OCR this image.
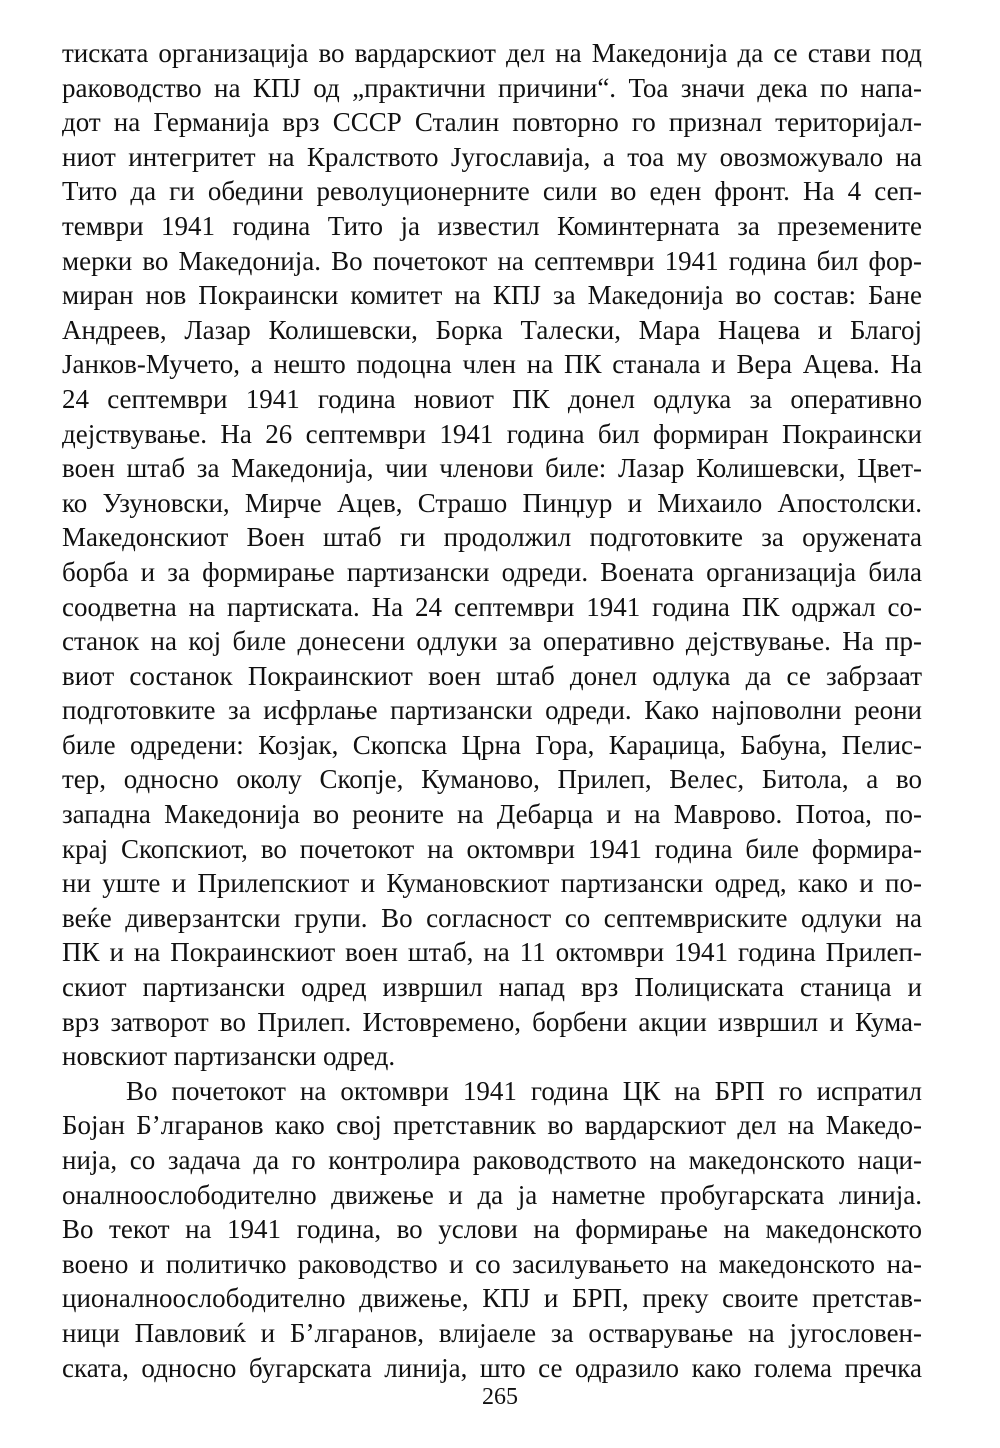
тиската организација во вардарскиот дел на Македонија да се стави под
раководство на КПЈ од „практични причини“. Тоа значи дека по напа-
дот на Германија врз СССР Сталин повторно го признал територијал-
ниот интегритет на Кралството Југославија, а тоа му овозможувало на
Тито да ги обедини револуционерните сили во еден фронт. На 4 сеп-
тември 1941 година Тито ја известил Коминтерната за преземените
мерки во Македонија. Во почетокот на септември 1941 година бил фор-
миран нов Покраински комитет на КПЈ за Македонија во состав: Бане
Андреев, Лазар Колишевски, Борка Талески, Мара Нацева и Благој
Јанков-Мучето, а нешто подоцна член на ПК станала и Вера Ацева. На
24 септември 1941 година новиот ПК донел одлука за оперативно
дејствување. На 26 септември 1941 година бил формиран Покраински
воен штаб за Македонија, чии членови биле: Лазар Колишевски, Цвет-
ко Узуновски, Мирче Ацев, Страшо Пинџур и Михаило Апостолски.
Македонскиот Воен штаб ги продолжил подготовките за оружената
борба и за формирање партизански одреди. Воената организација била
соодветна на партиската. На 24 септември 1941 година ПК одржал со-
станок на кој биле донесени одлуки за оперативно дејствување. На пр-
виот состанок Покраинскиот воен штаб донел одлука да се забрзаат
подготовките за исфрлање партизански одреди. Како најповолни реони
биле одредени: Козјак, Скопска Црна Гора, Караџица, Бабуна, Пелис-
тер, односно околу Скопје, Куманово, Прилеп, Велес, Битола, а во
западна Македонија во реоните на Дебарца и на Маврово. Потоа, по-
крај Скопскиот, во почетокот на октомври 1941 година биле формира-
ни уште и Прилепскиот и Кумановскиот партизански одред, како и по-
веќе диверзантски групи. Во согласност со септемвриските одлуки на
ПК и на Покраинскиот воен штаб, на 11 октомври 1941 година Прилеп-
скиот партизански одред извршил напад врз Полициската станица и
врз затворот во Прилеп. Истовремено, борбени акции извршил и Кума-
новскиот партизански одред.
Во почетокот на октомври 1941 година ЦК на БРП го испратил
Бојан Б’лгаранов како свој претставник во вардарскиот дел на Македо-
нија, со задача да го контролира раководството на македонското наци-
оналноослободително движење и да ја наметне пробугарската линија.
Во текот на 1941 година, во услови на формирање на македонското
воено и политичко раководство и со засилувањето на македонското на-
ционалноослободително движење, КПЈ и БРП, преку своите претстав-
ници Павловиќ и Б’лгаранов, влијаеле за остварување на југословен-
ската, односно бугарската линија, што се одразило како голема пречка
265
